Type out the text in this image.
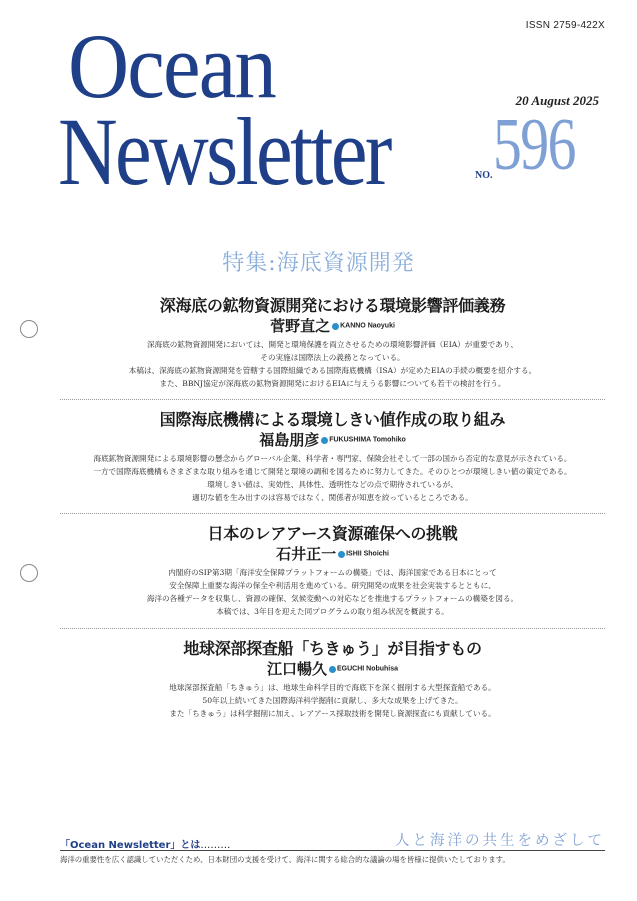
ISSN 2759-422X
Ocean
Newsletter	20 August 2025
596
NO.
特集:海底資源開発
深海底の鉱物資源開発における環境影響評価義務
菅野直之 KANNO Naoyuki
深海底の鉱物資源開発においては、開発と環境保護を両立させるための環境影響評価（EIA）が重要であり、
その実施は国際法上の義務となっている。
本稿は、深海底の鉱物資源開発を管轄する国際組織である国際海底機構（ISA）が定めたEIAの手続の概要を紹介する。
また、BBNJ協定が深海底の鉱物資源開発におけるEIAに与えうる影響についても若干の検討を行う。
国際海底機構による環境しきい値作成の取り組み
福島朋彦 FUKUSHIMA Tomohiko
海底鉱物資源開発による環境影響の懸念からグローバル企業、科学者・専門家、保険会社そして一部の国から否定的な意見が示されている。
一方で国際海底機構もさまざまな取り組みを通じて開発と環境の調和を図るために努力してきた。そのひとつが環境しきい値の策定である。
環境しきい値は、実効性、具体性、透明性などの点で期待されているが、
適切な値を生み出すのは容易ではなく、関係者が知恵を絞っているところである。
日本のレアアース資源確保への挑戦
石井正一 ISHII Shoichi
内閣府のSIP第3期「海洋安全保障プラットフォームの構築」では、海洋国家である日本にとって
安全保障上重要な海洋の保全や利活用を進めている。研究開発の成果を社会実装するとともに、
海洋の各種データを収集し、資源の確保、気候変動への対応などを推進するプラットフォームの構築を図る。
本稿では、3年目を迎えた同プログラムの取り組み状況を概説する。
地球深部探査船「ちきゅう」が目指すもの
江口暢久 EGUCHI Nobuhisa
地球深部探査船「ちきゅう」は、地球生命科学目的で海底下を深く掘削する大型探査船である。
50年以上続いてきた国際海洋科学掘削に貢献し、多大な成果を上げてきた。
また「ちきゅう」は科学掘削に加え、レアアース採取技術を開発し資源探査にも貢献している。
「Ocean Newsletter」とは………	人と海洋の共生をめざして
海洋の重要性を広く認識していただくため、日本財団の支援を受けて、海洋に関する総合的な議論の場を皆様に提供いたしております。
